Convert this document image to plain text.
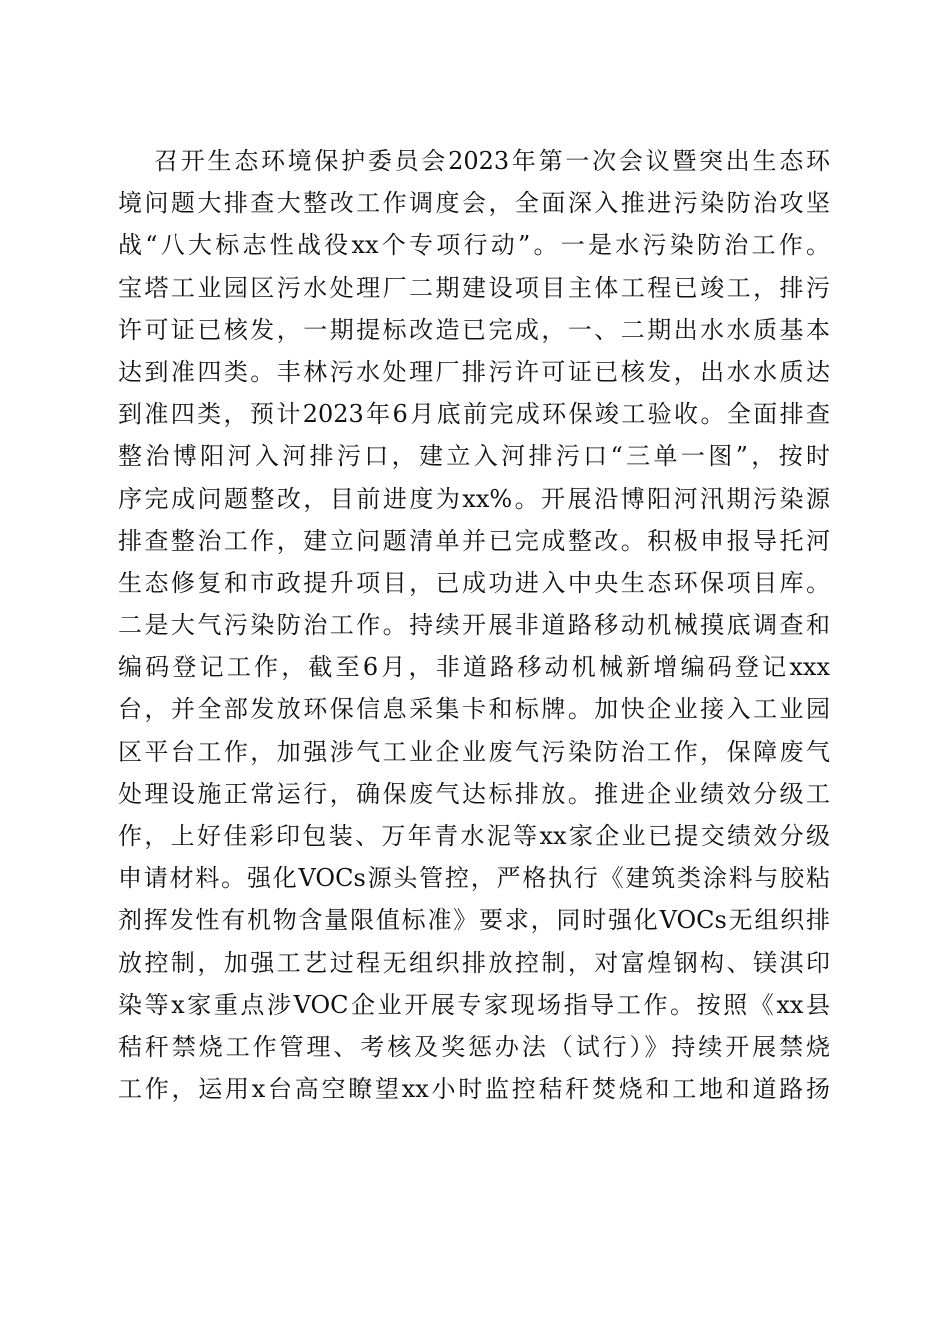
召开生态环境保护委员会2023年第一次会议暨突出生态环
境问题大排查大整改工作调度会，全面深入推进污染防治攻坚
战“八大标志性战役xx个专项行动”。一是水污染防治工作。
宝塔工业园区污水处理厂二期建设项目主体工程已竣工，排污
许可证已核发，一期提标改造已完成，一、二期出水水质基本
达到准四类。丰林污水处理厂排污许可证已核发，出水水质达
到准四类，预计2023年6月底前完成环保竣工验收。全面排查
整治博阳河入河排污口，建立入河排污口“三单一图”，按时
序完成问题整改，目前进度为xx%。开展沿博阳河汛期污染源
排查整治工作，建立问题清单并已完成整改。积极申报导托河
生态修复和市政提升项目，已成功进入中央生态环保项目库。
二是大气污染防治工作。持续开展非道路移动机械摸底调查和
编码登记工作，截至6月，非道路移动机械新增编码登记xxx
台，并全部发放环保信息采集卡和标牌。加快企业接入工业园
区平台工作，加强涉气工业企业废气污染防治工作，保障废气
处理设施正常运行，确保废气达标排放。推进企业绩效分级工
作，上好佳彩印包装、万年青水泥等xx家企业已提交绩效分级
申请材料。强化VOCs源头管控，严格执行《建筑类涂料与胶粘
剂挥发性有机物含量限值标准》要求，同时强化VOCs无组织排
放控制，加强工艺过程无组织排放控制，对富煌钢构、镁淇印
染等x家重点涉VOC企业开展专家现场指导工作。按照《xx县
秸秆禁烧工作管理、考核及奖惩办法（试行）》持续开展禁烧
工作，运用x台高空瞭望xx小时监控秸秆焚烧和工地和道路扬
